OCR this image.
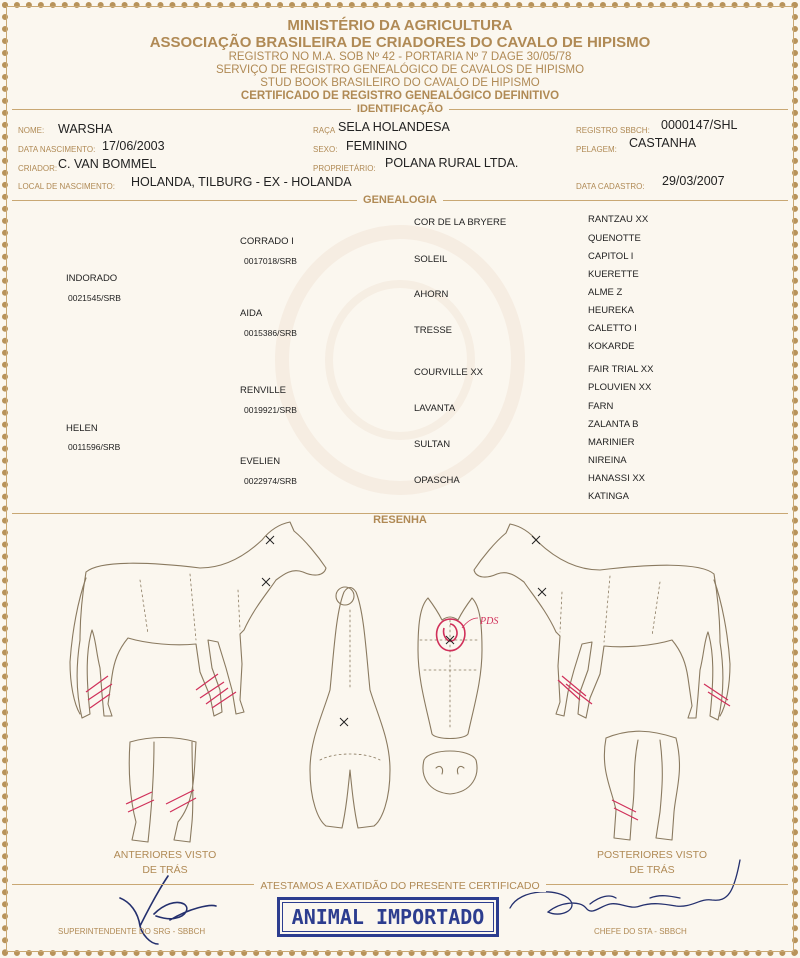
MINISTÉRIO DA AGRICULTURA
ASSOCIAÇÃO BRASILEIRA DE CRIADORES DO CAVALO DE HIPISMO
REGISTRO NO M.A. SOB Nº 42 - PORTARIA Nº 7 DAGE 30/05/78
SERVIÇO DE REGISTRO GENEALÓGICO DE CAVALOS DE HIPISMO
STUD BOOK BRASILEIRO DO CAVALO DE HIPISMO
CERTIFICADO DE REGISTRO GENEALÓGICO DEFINITIVO
IDENTIFICAÇÃO
NOME: WARSHA	RAÇA SELA HOLANDESA	REGISTRO SBBCH: 0000147/SHL
DATA NASCIMENTO: 17/06/2003	SEXO: FEMININO	PELAGEM: CASTANHA
CRIADOR: C. VAN BOMMEL	PROPRIETÁRIO: POLANA RURAL LTDA.
LOCAL DE NASCIMENTO: HOLANDA, TILBURG - EX - HOLANDA	DATA CADASTRO: 29/03/2007
GENEALOGIA
INDORADO
0021545/SRB
HELEN
0011596/SRB
CORRADO I
0017018/SRB
AIDA
0015386/SRB
RENVILLE
0019921/SRB
EVELIEN
0022974/SRB
COR DE LA BRYERE
SOLEIL
AHORN
TRESSE
COURVILLE XX
LAVANTA
SULTAN
OPASCHA
RANTZAU XX
QUENOTTE
CAPITOL I
KUERETTE
ALME Z
HEUREKA
CALETTO I
KOKARDE
FAIR TRIAL XX
PLOUVIEN XX
FARN
ZALANTA B
MARINIER
NIREINA
HANASSI XX
KATINGA
RESENHA
PDS
ANTERIORES VISTO
DE TRÁS
POSTERIORES VISTO
DE TRÁS
ATESTAMOS A EXATIDÃO DO PRESENTE CERTIFICADO
ANIMAL IMPORTADO
SUPERINTENDENTE DO SRG - SBBCH	CHEFE DO STA - SBBCH
